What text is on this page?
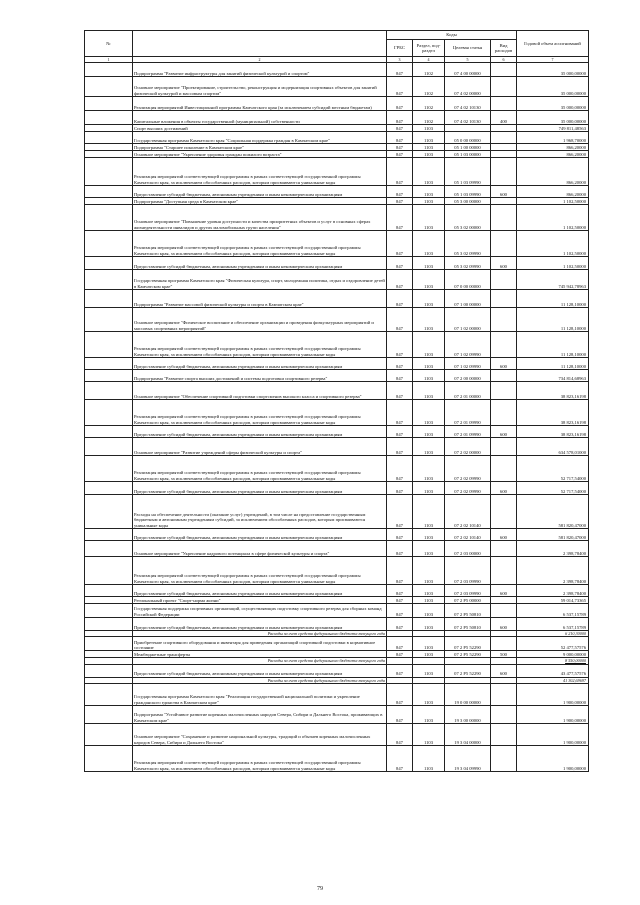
№		Коды				Годовой объем ассигнований
		ГРБС	Раздел, под-раздел	Целевая статья	Вид расходов	
1	2	3	4	5	6	7
	Подпрограмма "Развитие инфраструктуры для занятий физической культурой и спортом"	847	1102	07 4 00 00000		35 000,00000
	Основное мероприятие "Проектирование, строительство, реконструкция и модернизация спортивных объектов для занятий физической культурой и массовым спортом"	847	1102	07 4 02 00000		35 000,00000
	Реализация мероприятий Инвестиционной программы Камчатского края (за исключением субсидий местным бюджетам)	847	1102	07 4 02 10130		35 000,00000
	Капитальные вложения в объекты государственной (муниципальной) собственности	847	1102	07 4 02 10130	400	35 000,00000
	Спорт высших достижений	847	1103			749 811,48563
	Государственная программа Камчатского края "Социальная поддержка граждан в Камчатском крае"	847	1103	05 0 00 00000		1 968,70000
	Подпрограмма "Старшее поколение в Камчатском крае"	847	1103	05 1 00 00000		866,20000
	Основное мероприятие "Укрепление здоровья граждан пожилого возраста"	847	1103	05 1 03 00000		866,20000
	Реализация мероприятий соответствующей подпрограммы в рамках соответствующей государственной программы Камчатского края, за исключением обособленных расходов, которым присваиваются уникальные коды	847	1103	05 1 03 09990		866,20000
	Предоставление субсидий бюджетным, автономным учреждениям и иным некоммерческим организациям	847	1103	05 1 03 09990	600	866,20000
	Подпрограмма "Доступная среда в Камчатском крае"	847	1103	05 3 00 00000		1 102,50000
	Основное мероприятие "Повышение уровня доступности и качества приоритетных объектов и услуг в основных сферах жизнедеятельности инвалидов и других маломобильных групп населения"	847	1103	05 3 02 00000		1 102,50000
	Реализация мероприятий соответствующей подпрограммы в рамках соответствующей государственной программы Камчатского края, за исключением обособленных расходов, которым присваиваются уникальные коды	847	1103	05 3 02 09990		1 102,50000
	Предоставление субсидий бюджетным, автономным учреждениям и иным некоммерческим организациям	847	1103	05 3 02 09990	600	1 102,50000
	Государственная программа Камчатского края "Физическая культура, спорт, молодежная политика, отдых и оздоровление детей в Камчатском крае"	847	1103	07 0 00 00000		745 942,78963
	Подпрограмма "Развитие массовой физической культуры и спорта в Камчатском крае"	847	1103	07 1 00 00000		11 128,10000
	Основное мероприятие "Физическое воспитание и обеспечение организации и проведения физкультурных мероприятий и массовых спортивных мероприятий"	847	1103	07 1 02 00000		11 128,10000
	Реализация мероприятий соответствующей подпрограммы в рамках соответствующей государственной программы Камчатского края, за исключением обособленных расходов, которым присваиваются уникальные коды	847	1103	07 1 02 09990		11 128,10000
	Предоставление субсидий бюджетным, автономным учреждениям и иным некоммерческим организациям	847	1103	07 1 02 09990	600	11 128,10000
	Подпрограмма "Развитие спорта высших достижений и системы подготовки спортивного резерва"	847	1103	07 2 00 00000		734 814,68963
	Основное мероприятие "Обеспечение спортивной подготовки спортсменов высокого класса и спортивного резерва"	847	1103	07 2 01 00000		38 823,16198
	Реализация мероприятий соответствующей подпрограммы в рамках соответствующей государственной программы Камчатского края, за исключением обособленных расходов, которым присваиваются уникальные коды	847	1103	07 2 01 09990		38 823,16198
	Предоставление субсидий бюджетным, автономным учреждениям и иным некоммерческим организациям	847	1103	07 2 01 09990	600	38 823,16198
	Основное мероприятие "Развитие учреждений сферы физической культуры и спорта"	847	1103	07 2 02 00000		634 578,01000
	Реализация мероприятий соответствующей подпрограммы в рамках соответствующей государственной программы Камчатского края, за исключением обособленных расходов, которым присваиваются уникальные коды	847	1103	07 2 02 09990		52 717,54000
	Предоставление субсидий бюджетным, автономным учреждениям и иным некоммерческим организациям	847	1103	07 2 02 09990	600	52 717,54000
	Расходы на обеспечение деятельности (оказание услуг) учреждений, в том числе на предоставление государственным бюджетным и автономным учреждениям субсидий, за исключением обособленных расходов, которым присваиваются уникальные коды	847	1103	07 2 02 10140		581 820,47000
	Предоставление субсидий бюджетным, автономным учреждениям и иным некоммерческим организациям	847	1103	07 2 02 10140	600	581 820,47000
	Основное мероприятие "Укрепление кадрового потенциала в сфере физической культуры и спорта"	847	1103	07 2 03 00000		2 398,78400
	Реализация мероприятий соответствующей подпрограммы в рамках соответствующей государственной программы Камчатского края, за исключением обособленных расходов, которым присваиваются уникальные коды	847	1103	07 2 03 09990		2 398,78400
	Предоставление субсидий бюджетным, автономным учреждениям и иным некоммерческим организациям	847	1103	07 2 03 09990	600	2 398,78400
	Региональный проект "Спорт-норма жизни"	847	1103	07 2 P5 00000		59 014,73365
	Государственная поддержка спортивных организаций, осуществляющих подготовку спортивного резерва для сборных команд Российской Федерации	847	1103	07 2 P5 50810		6 537,15789
	Предоставление субсидий бюджетным, автономным учреждениям и иным некоммерческим организациям	847	1103	07 2 P5 50810	600	6 537,15789
	Расходы за счет средств федерального бюджета текущего года					6 210,30000
	Приобретение спортивного оборудования и инвентаря для приведения организаций спортивной подготовки в нормативное состояние	847	1103	07 2 P5 52290		52 477,57576
	Межбюджетные трансферты	847	1103	07 2 P5 52290	500	9 000,00000
	Расходы за счет средств федерального бюджета текущего года					8 550,00000
	Предоставление субсидий бюджетным, автономным учреждениям и иным некоммерческим организациям	847	1103	07 2 P5 52290	600	43 477,57576
	Расходы за счет средств федерального бюджета текущего года					41 302,69697
	Государственная программа Камчатского края "Реализация государственной национальной политики и укрепление гражданского единства в Камчатском крае"	847	1103	19 0 00 00000		1 900,00000
	Подпрограмма "Устойчивое развитие коренных малочисленных народов Севера, Сибири и Дальнего Востока, проживающих в Камчатском крае"	847	1103	19 3 00 00000		1 900,00000
	Основное мероприятие "Сохранение и развитие национальной культуры, традиций и обычаев коренных малочисленных народов Севера, Сибири и Дальнего Востока"	847	1103	19 3 04 00000		1 900,00000
	Реализация мероприятий соответствующей подпрограммы в рамках соответствующей государственной программы Камчатского края, за исключением обособленных расходов, которым присваиваются уникальные коды	847	1103	19 3 04 09990		1 900,00000
79
